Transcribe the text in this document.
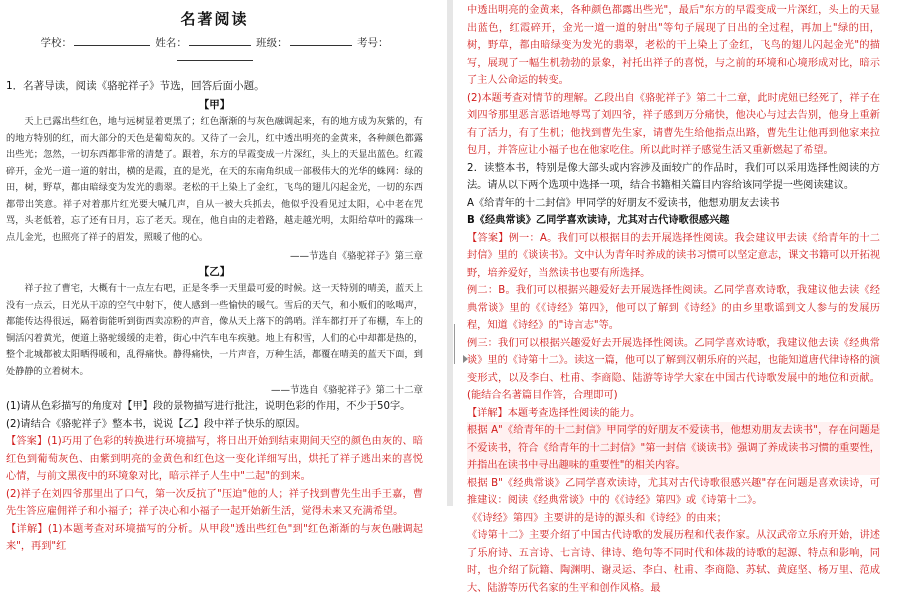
名著阅读
学校：	姓名：	班级：	考号：

1．名著导读，阅读《骆驼祥子》节选，回答后面小题。

【甲】

天上已露出些红色，地与远树显着更黑了；红色渐渐的与灰色融调起来，有的地方成为灰紫的，有的地方特别的红，而大部分的天色是葡萄灰的。又待了一会儿，红中透出明亮的金黄来，各种颜色都露出些光；忽然，一切东西都非常的清楚了。跟着，东方的早霞变成一片深红，头上的天显出蓝色。红霞碎开，金光一道一道的射出，横的是霞，直的是光，在天的东南角织成一部极伟大的光华的蛛网：绿的田，树，野草，都由暗绿变为发光的翡翠。老松的干上染上了金红，飞鸟的翅儿闪起金光，一切的东西都带出笑意。祥子对着那片红光要大喊几声，自从一被大兵抓去，他似乎没看见过太阳，心中老在咒骂，头老低着，忘了还有日月，忘了老天。现在，他自由的走着路，越走越光明，太阳给草叶的露珠一点儿金光，也照亮了祥子的眉发，照暖了他的心。

——节选自《骆驼祥子》第三章
【乙】

祥子拉了曹宅，大概有十一点左右吧，正是冬季一天里最可爱的时候。这一天特别的晴美，蓝天上没有一点云，日光从干凉的空气中射下，使人感到一些愉快的暖气。雪后的天气，和小贩们的吆喝声，都能传达得很远，隔着街能听到街西卖凉粉的声音，像从天上落下的鸽哨。洋车都打开了布棚，车上的铜活闪着黄光，便道上骆驼缓缓的走着，街心中汽车电车疾驰。地上有积雪，人们的心中却都是热的，整个北城都被太阳晒得暖和，乱得痛快。静得痛快，一片声音，万种生活，都覆在晴美的蓝天下面，到处静静的立着树木。

——节选自《骆驼祥子》第二十二章

(1)请从色彩描写的角度对【甲】段的景物描写进行批注，说明色彩的作用，不少于50字。

(2)请结合《骆驼祥子》整本书，说说【乙】段中祥子快乐的原因。

【答案】(1)巧用了色彩的转换进行环境描写，将日出开始到结束期间天空的颜色由灰的、暗红色到葡萄灰色、由紫到明亮的金黄色和红色这一变化详细写出，烘托了祥子逃出来的喜悦心情，与前文黑夜中的环境象对比，暗示祥子人生中"二起"的到来。

(2)祥子在刘四爷那里出了口气，第一次反抗了"压迫"他的人；祥子找到曹先生出手王嘉，曹先生答应雇佣祥子和小福子；祥子决心和小福子一起开始新生活，觉得未来又充满希望。

【详解】(1)本题考查对环境描写的分析。从甲段"透出些红色"到"红色渐渐的与灰色融调起来"，再到"红

中透出明亮的金黄来，各种颜色都露出些光"，最后"东方的早霞变成一片深红，头上的天显出蓝色，红霞碎开，金光一道一道的射出"等句子展现了日出的全过程，再加上"绿的田，树，野草，都由暗绿变为发光的翡翠，老松的干上染上了金红，飞鸟的翅儿闪起金光"的描写，展现了一幅生机勃勃的景象，衬托出祥子的喜悦，与之前的环境和心境形成对比，暗示了主人公命运的转变。

(2)本题考查对情节的理解。乙段出自《骆驼祥子》第二十二章，此时虎妞已经死了，祥子在刘四爷那里恶言恶语地辱骂了刘四爷，祥子感到万分痛快，他决心与过去告别，他身上重新有了活力，有了生机；他找到曹先生家，请曹先生给他指点出路，曹先生让他再到他家来拉包月，并答应让小福子也在他家吃住。所以此时祥子感觉生活又重新燃起了希望。

2．读整本书，特别是像大部头或内容涉及面较广的作品时，我们可以采用选择性阅读的方法。请从以下两个选项中选择一项，结合书籍相关篇目内容给该同学提一些阅读建议。

A《给青年的十二封信》甲同学的好朋友不爱读书，他想劝朋友去读书

B《经典常谈》乙同学喜欢读诗，尤其对古代诗歌很感兴趣

【答案】例一：A。我们可以根据目的去开展选择性阅读。我会建议甲去读《给青年的十二封信》里的《谈读书》。文中认为青年时养成的读书习惯可以坚定意志，课文书籍可以开拓视野，培养爱好，当然读书也要有所选择。

例二：B。我们可以根据兴趣爱好去开展选择性阅读。乙同学喜欢诗歌，我建议他去读《经典常谈》里的《《诗经》第四》，他可以了解到《诗经》的由乡里歌谣到文人参与的发展历程，知道《诗经》的"诗言志"等。

例三：我们可以根据兴趣爱好去开展选择性阅读。乙同学喜欢诗歌，我建议他去读《经典常谈》里的《诗第十二》。读这一篇，他可以了解到汉朝乐府的兴起，也能知道唐代律诗格的演变形式，以及李白、杜甫、李商隐、陆游等诗学大家在中国古代诗歌发展中的地位和贡献。(能结合名著篇目作答，合理即可)

【详解】本题考查选择性阅读的能力。

根据 A"《给青年的十二封信》甲同学的好朋友不爱读书，他想劝朋友去读书"，存在问题是不爱读书，符合《给青年的十二封信》"第一封信《谈读书》强调了养成读书习惯的重要性，并指出在读书中寻出趣味的重要性"的相关内容。

根据 B"《经典常谈》乙同学喜欢读诗，尤其对古代诗歌很感兴趣"存在问题是喜欢读诗，可推建议：阅读《经典常谈》中的《《诗经》第四》或《诗第十二》。

《《诗经》第四》主要讲的是诗的源头和《诗经》的由来；

《诗第十二》主要介绍了中国古代诗歌的发展历程和代表作家。从汉武帝立乐府开始，讲述了乐府诗、五言诗、七言诗、律诗、绝句等不同时代和体裁的诗歌的起源、特点和影响，同时，也介绍了阮籍、陶渊明、谢灵运、李白、杜甫、李商隐、苏轼、黄庭坚、杨万里、范成大、陆游等历代名家的生平和创作风格。最
